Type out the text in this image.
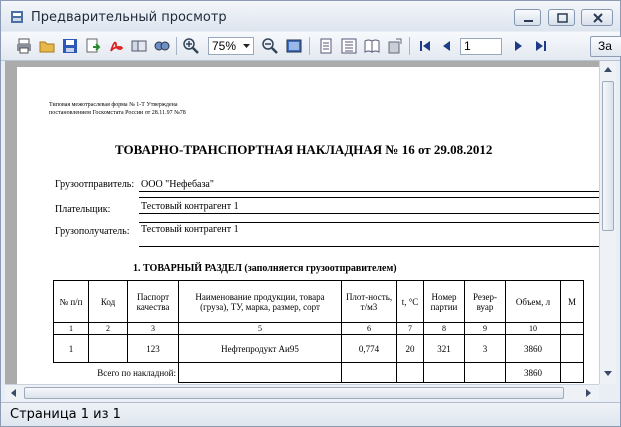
Предварительный просмотр
75%	1	За
Типовая межотраслевая форма № 1-Т Утверждена
постановлением Госкомстата России от 28.11.97 №78
ТОВАРНО-ТРАНСПОРТНАЯ НАКЛАДНАЯ № 16 от 29.08.2012
Грузоотправитель: ООО "Нефебаза"
Плательщик:	Тестовый контрагент 1
Грузополучатель: Тестовый контрагент 1
1. ТОВАРНЫЙ РАЗДЕЛ (заполняется грузоотправителем)
№ п/п	Код	Паспорт качества	Наименование продукции, товара (груза), ТУ, марка, размер, сорт	Плот-ность, т/м3	t, °С	Номер партии	Резер-вуар	Объем, л	М
1	2	3	5	6	7	8	9	10	
1		123	Нефтепродукт Аи95	0,774	20	321	3	3860	
Всего по накладной:								3860	
Страница 1 из 1
